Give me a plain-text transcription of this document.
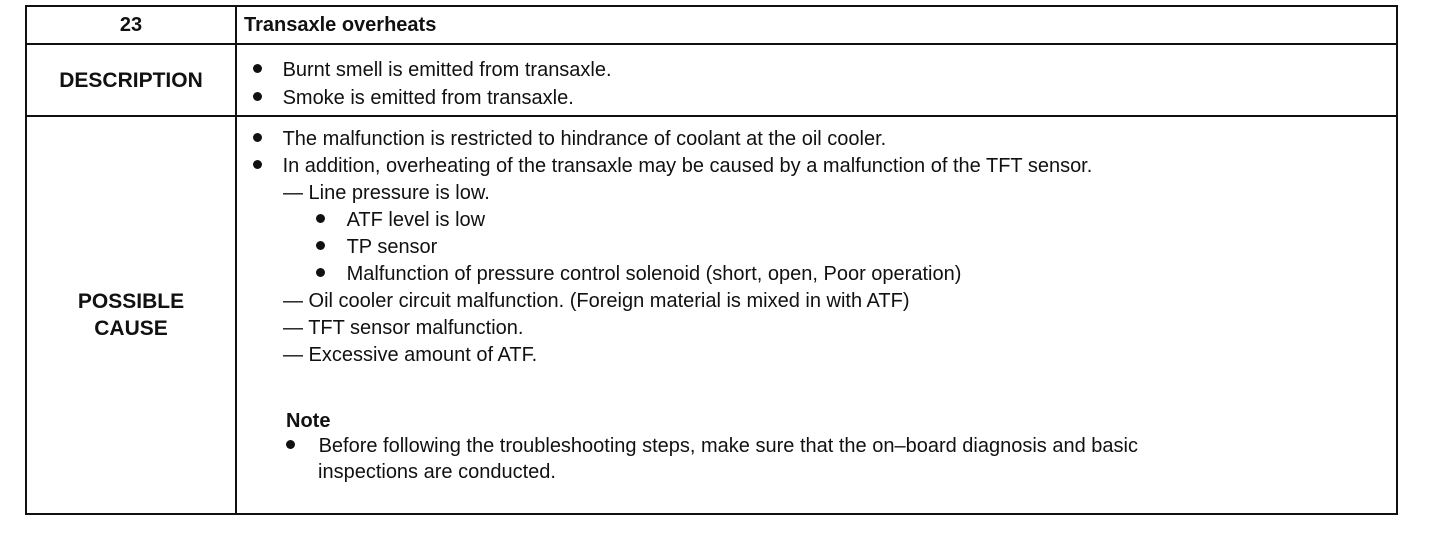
23	Transaxle overheats
DESCRIPTION	Burnt smell is emitted from transaxle.
Smoke is emitted from transaxle.
POSSIBLE
CAUSE
The malfunction is restricted to hindrance of coolant at the oil cooler.
In addition, overheating of the transaxle may be caused by a malfunction of the TFT sensor.
— Line pressure is low.
ATF level is low
TP sensor
Malfunction of pressure control solenoid (short, open, Poor operation)
— Oil cooler circuit malfunction. (Foreign material is mixed in with ATF)
— TFT sensor malfunction.
— Excessive amount of ATF.
Note
Before following the troubleshooting steps, make sure that the on–board diagnosis and basic
inspections are conducted.
